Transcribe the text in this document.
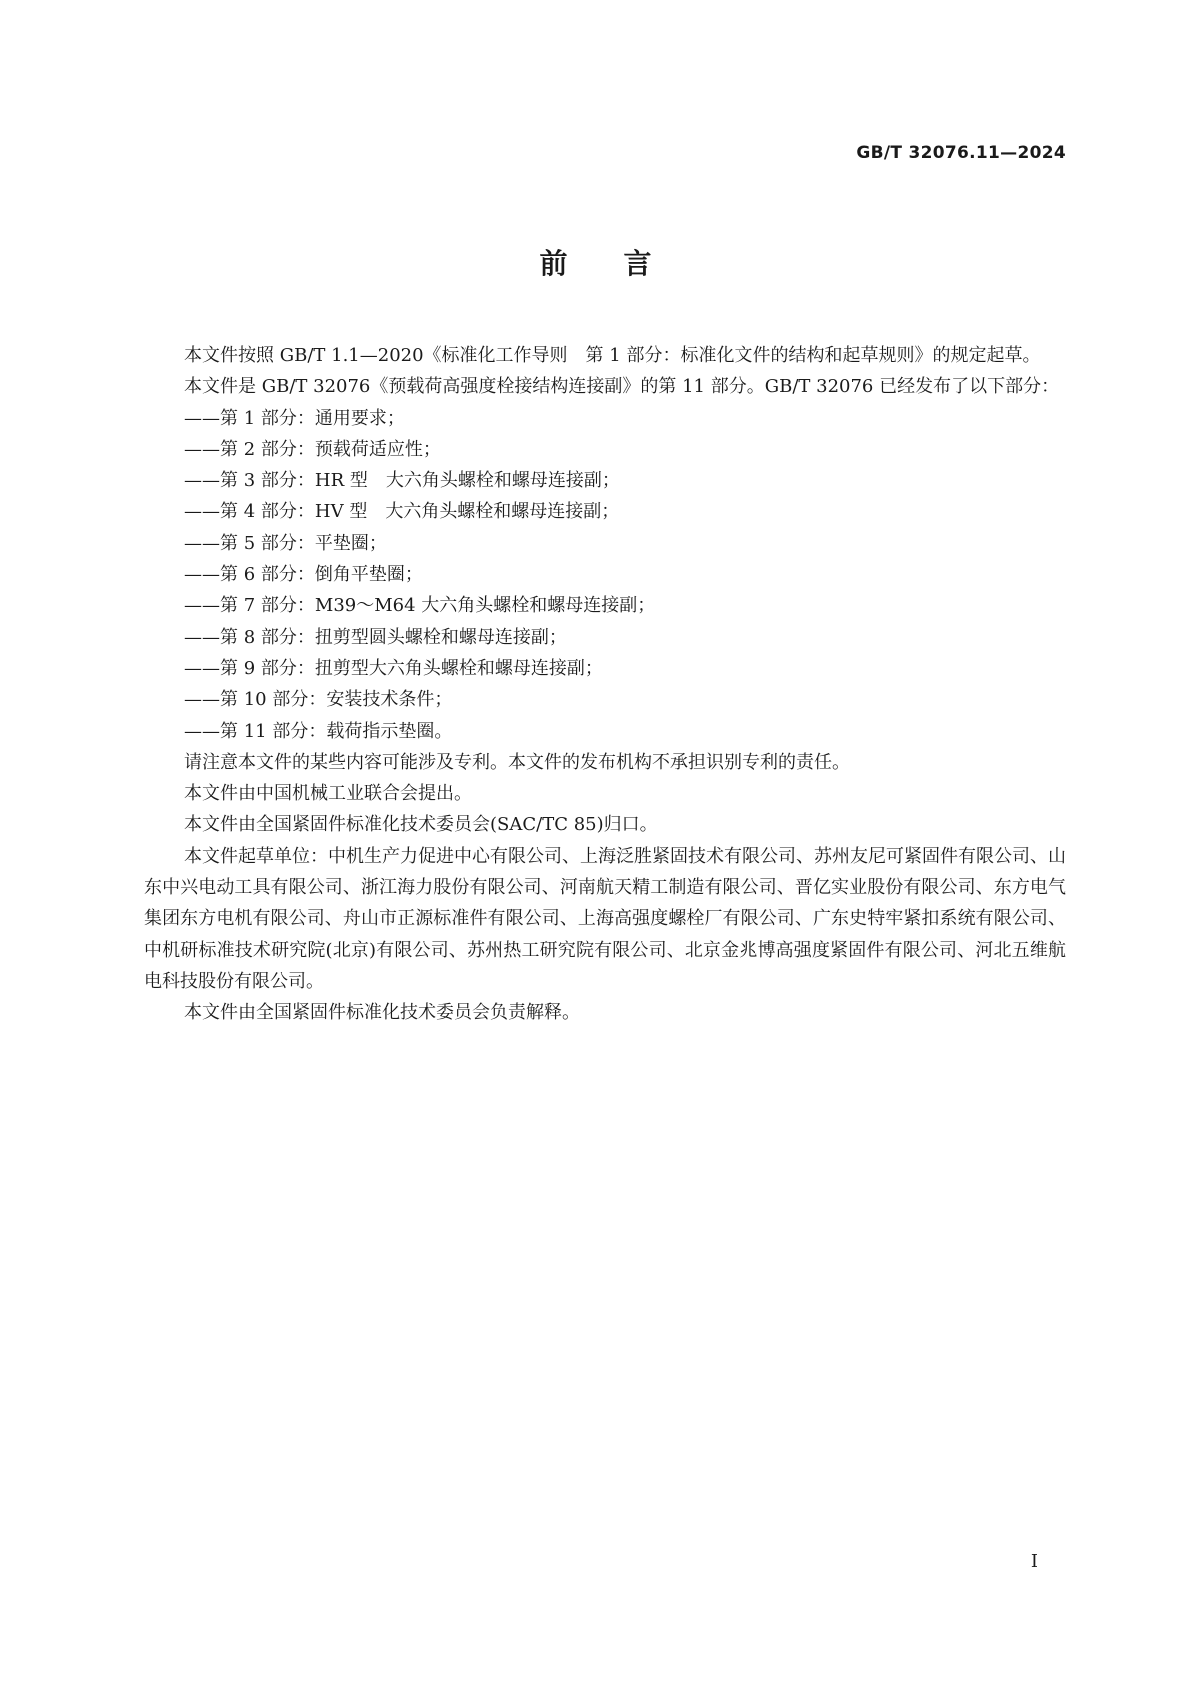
GB/T 32076.11—2024
前言

本文件按照 GB/T 1.1—2020《标准化工作导则　第 1 部分：标准化文件的结构和起草规则》的规定起草。

本文件是 GB/T 32076《预载荷高强度栓接结构连接副》的第 11 部分。GB/T 32076 已经发布了以下部分：

——第 1 部分：通用要求；

——第 2 部分：预载荷适应性；

——第 3 部分：HR 型　大六角头螺栓和螺母连接副；

——第 4 部分：HV 型　大六角头螺栓和螺母连接副；

——第 5 部分：平垫圈；

——第 6 部分：倒角平垫圈；

——第 7 部分：M39～M64 大六角头螺栓和螺母连接副；

——第 8 部分：扭剪型圆头螺栓和螺母连接副；

——第 9 部分：扭剪型大六角头螺栓和螺母连接副；

——第 10 部分：安装技术条件；

——第 11 部分：载荷指示垫圈。

请注意本文件的某些内容可能涉及专利。本文件的发布机构不承担识别专利的责任。

本文件由中国机械工业联合会提出。

本文件由全国紧固件标准化技术委员会(SAC/TC 85)归口。

本文件起草单位：中机生产力促进中心有限公司、上海泛胜紧固技术有限公司、苏州友尼可紧固件有限公司、山东中兴电动工具有限公司、浙江海力股份有限公司、河南航天精工制造有限公司、晋亿实业股份有限公司、东方电气集团东方电机有限公司、舟山市正源标准件有限公司、上海高强度螺栓厂有限公司、广东史特牢紧扣系统有限公司、中机研标准技术研究院(北京)有限公司、苏州热工研究院有限公司、北京金兆博高强度紧固件有限公司、河北五维航电科技股份有限公司。

本文件由全国紧固件标准化技术委员会负责解释。

I
